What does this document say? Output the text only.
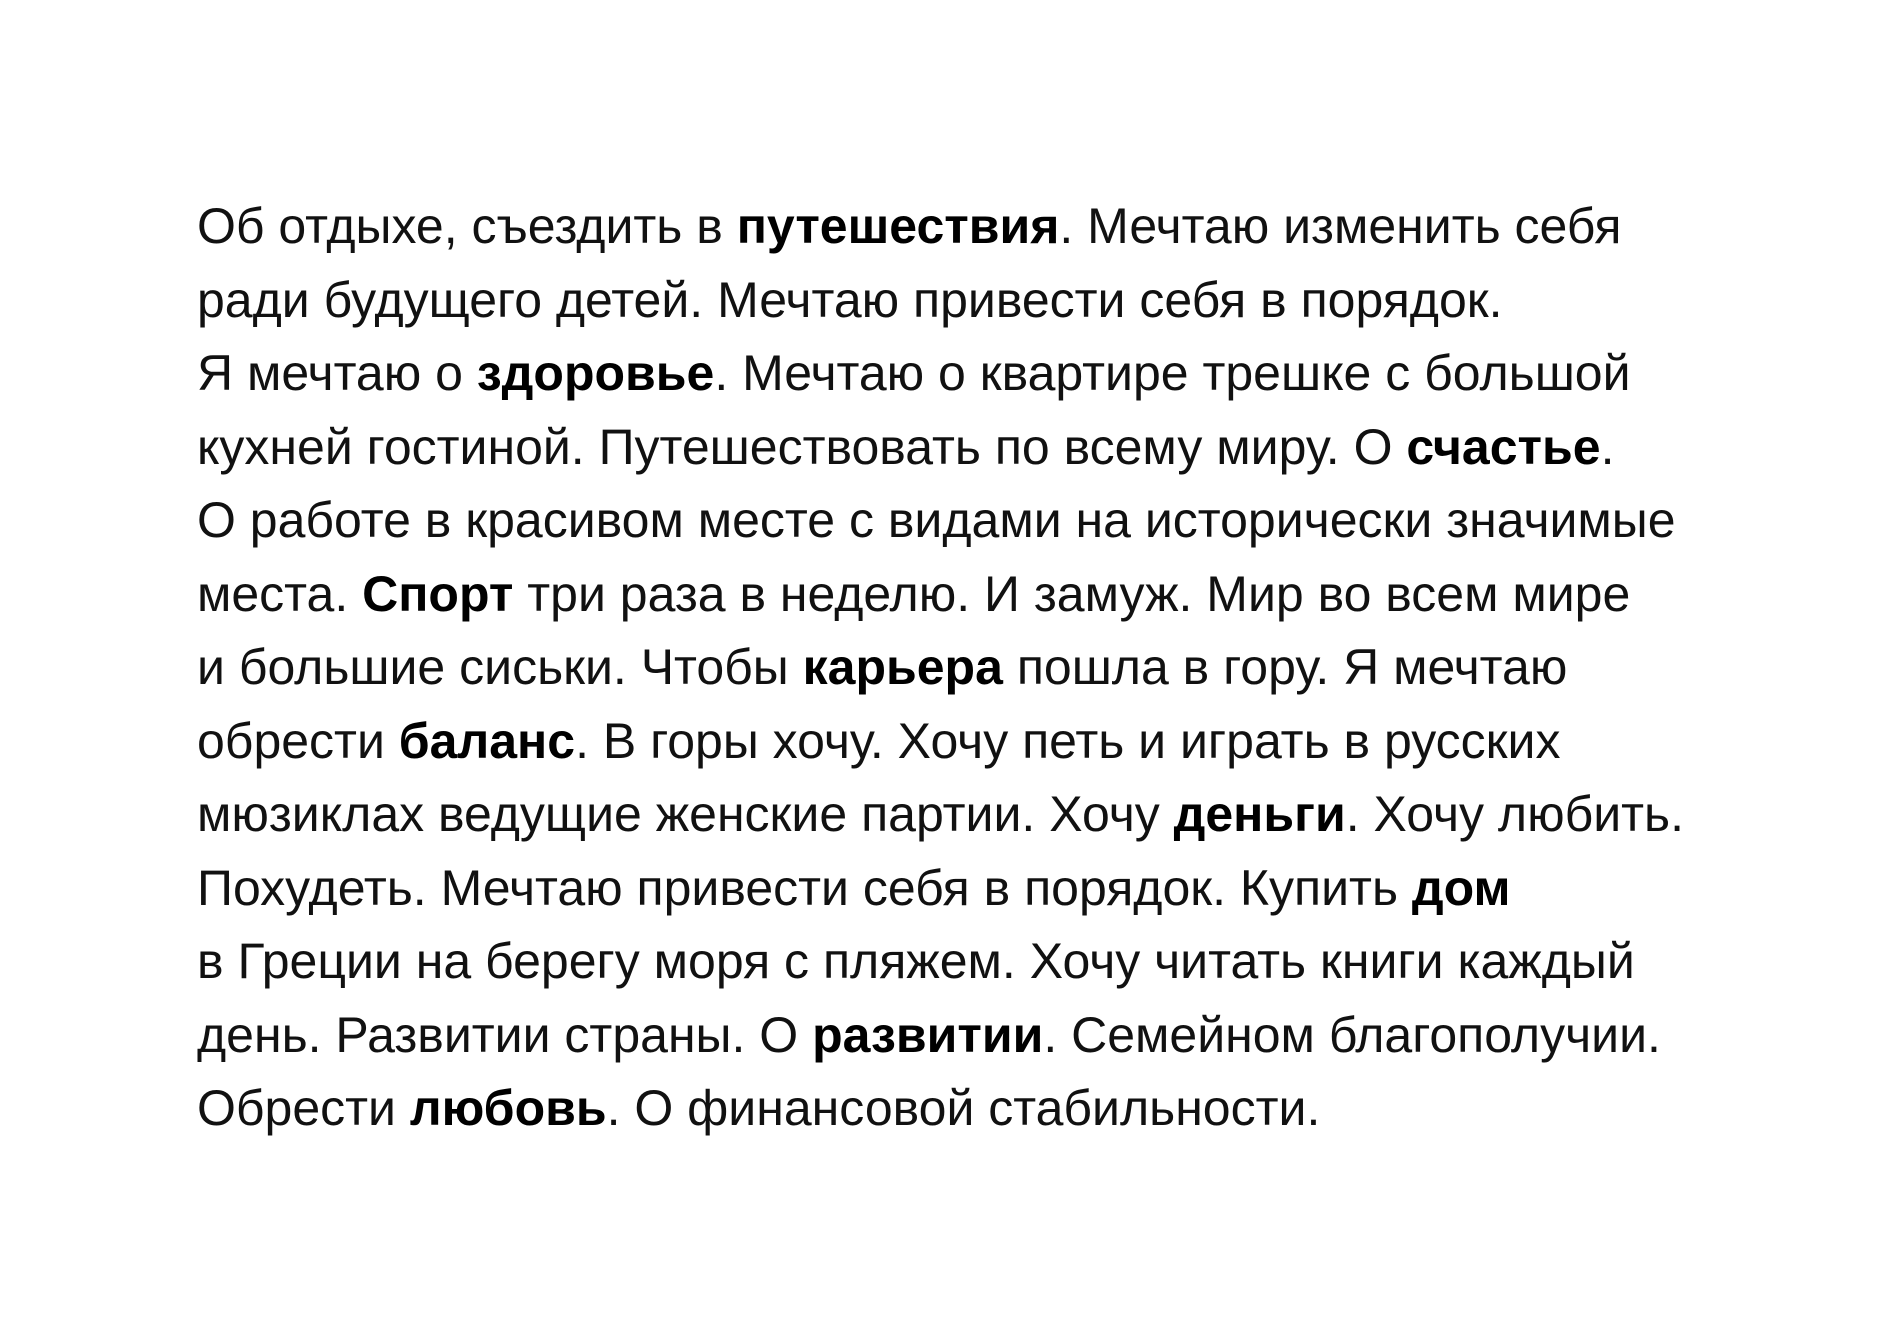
Об отдыхе, съездить в путешествия. Мечтаю изменить себя
ради будущего детей. Мечтаю привести себя в порядок.
Я мечтаю о здоровье. Мечтаю о квартире трешке с большой
кухней гостиной. Путешествовать по всему миру. О счастье.
О работе в красивом месте с видами на исторически значимые
места. Спорт три раза в неделю. И замуж. Мир во всем мире
и большие сиськи. Чтобы карьера пошла в гору. Я мечтаю
обрести баланс. В горы хочу. Хочу петь и играть в русских
мюзиклах ведущие женские партии. Хочу деньги. Хочу любить.
Похудеть. Мечтаю привести себя в порядок. Купить дом
в Греции на берегу моря с пляжем. Хочу читать книги каждый
день. Развитии страны. О развитии. Семейном благополучии.
Обрести любовь. О финансовой стабильности.
